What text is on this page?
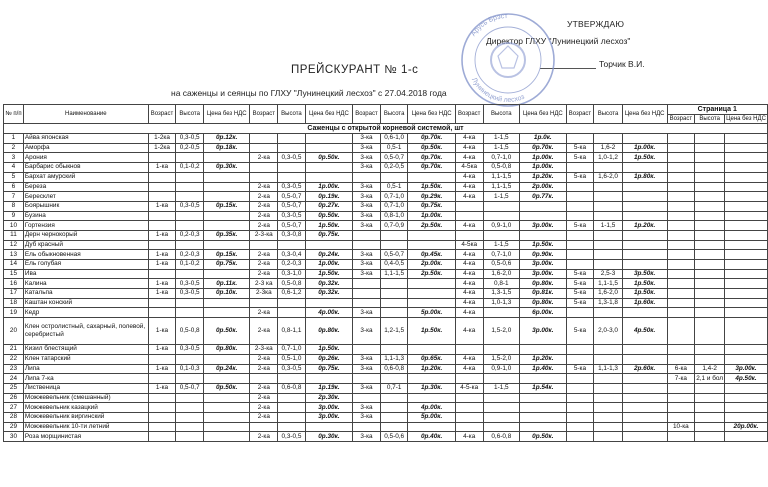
УТВЕРЖДАЮ
Директор ГЛХУ "Лунинецкий лесхоз"
Торчик В.И.
Арусь Брэст
Лунинецкий лесхоз
ПРЕЙСКУРАНТ № 1-с
на саженцы и сеянцы по ГЛХУ "Лунинецкий лесхоз" с 27.04.2018 года
№ п/п	Наименование	Возраст	Высота	Цена без НДС	Возраст	Высота	Цена без НДС	Возраст	Высота	Цена без НДС	Возраст	Высота	Цена без НДС	Возраст	Высота	Цена без НДС	Страница 1		
																	Возраст	Высота	Цена без НДС
Саженцы с открытой корневой системой, шт																			
1	Айва японская	1-2ка	0,3-0,5	0р.12к.				3-ка	0,6-1,0	0р.70к.	4-ка	1-1,5	1р.0к.						
2	Аморфа	1-2ка	0,2-0,5	0р.18к.				3-ка	0,5-1	0р.50к.	4-ка	1-1,5	0р.70к.	5-ка	1,6-2	1р.00к.			
3	Арония				2-ка	0,3-0,5	0р.50к.	3-ка	0,5-0,7	0р.70к.	4-ка	0,7-1,0	1р.00к.	5-ка	1,0-1,2	1р.50к.			
4	Барбарис обыкнов	1-ка	0,1-0,2	0р.30к.				3-ка	0,2-0,5	0р.70к.	4-5ка	0,5-0,8	1р.00к.						
5	Бархат амурский										4-ка	1,1-1,5	1р.20к.	5-ка	1,6-2,0	1р.80к.			
6	Береза				2-ка	0,3-0,5	1р.00к.	3-ка	0,5-1	1р.50к.	4-ка	1,1-1,5	2р.00к.						
7	Бересклет				2-ка	0,5-0,7	0р.19к.	3-ка	0,7-1,0	0р.29к.	4-ка	1-1,5	0р.77к.						
8	Боярышник	1-ка	0,3-0,5	0р.15к.	2-ка	0,5-0,7	0р.27к.	3-ка	0,7-1,0	0р.75к.									
9	Бузина				2-ка	0,3-0,5	0р.50к.	3-ка	0,8-1,0	1р.00к.									
10	Гортензия				2-ка	0,5-0,7	1р.50к.	3-ка	0,7-0,9	2р.50к.	4-ка	0,9-1,0	3р.00к.	5-ка	1-1,5	1р.20к.			
11	Дерн чернокорый	1-ка	0,2-0,3	0р.35к.	2-3-ка	0,3-0,8	0р.75к.												
12	Дуб красный										4-5ка	1-1,5	1р.50к.						
13	Ель обыкновенная	1-ка	0,2-0,3	0р.15к.	2-ка	0,3-0,4	0р.24к.	3-ка	0,5-0,7	0р.45к.	4-ка	0,7-1,0	0р.90к.						
14	Ель голубая	1-ка	0,1-0,2	0р.75к.	2-ка	0,2-0,3	1р.00к.	3-ка	0,4-0,5	2р.00к.	4-ка	0,5-0,6	3р.00к.						
15	Ива				2-ка	0,3-1,0	1р.50к.	3-ка	1,1-1,5	2р.50к.	4-ка	1,6-2,0	3р.00к.	5-ка	2,5-3	3р.50к.			
16	Калина	1-ка	0,3-0,5	0р.11к.	2-3 ка	0,5-0,8	0р.32к.				4-ка	0,8-1	0р.80к.	5-ка	1,1-1,5	1р.50к.			
17	Катальпа	1-ка	0,3-0,5	0р.10к.	2-3ка	0,6-1,2	0р.32к.				4-ка	1,3-1,5	0р.81к.	5-ка	1,6-2,0	1р.50к.			
18	Каштан конский										4-ка	1,0-1,3	0р.80к.	5-ка	1,3-1,8	1р.60к.			
19	Кедр				2-ка		4р.00к.	3-ка		5р.00к.	4-ка		6р.00к.						
20	Клен остролистный, сахарный, полевой, серебристый	1-ка	0,5-0,8	0р.50к.	2-ка	0,8-1,1	0р.80к.	3-ка	1,2-1,5	1р.50к.	4-ка	1,5-2,0	3р.00к.	5-ка	2,0-3,0	4р.50к.			
21	Кизил блестящий	1-ка	0,3-0,5	0р.80к.	2-3-ка	0,7-1,0	1р.50к.												
22	Клен татарский				2-ка	0,5-1,0	0р.26к.	3-ка	1,1-1,3	0р.65к.	4-ка	1,5-2,0	1р.20к.						
23	Липа	1-ка	0,1-0,3	0р.24к.	2-ка	0,3-0,5	0р.75к.	3-ка	0,6-0,8	1р.20к.	4-ка	0,9-1,0	1р.40к.	5-ка	1,1-1,3	2р.60к.	6-ка	1,4-2	3р.00к.
24	Липа 7-ка																7-ка	2,1 и бол	4р.50к.
25	Лиственица	1-ка	0,5-0,7	0р.50к.	2-ка	0,6-0,8	1р.19к.	3-ка	0,7-1	1р.30к.	4-5-ка	1-1,5	1р.54к.						
26	Можжевельник (смешанный)				2-ка		2р.30к.												
27	Можжевельник казацкий				2-ка		3р.00к.	3-ка		4р.00к.									
28	Можжевельник виргинский				2-ка		3р.00к.	3-ка		5р.00к.									
29	Можжевельник 10-ти летний																10-ка		20р.00к.
30	Роза морщинистая				2-ка	0,3-0,5	0р.30к.	3-ка	0,5-0,6	0р.40к.	4-ка	0,6-0,8	0р.50к.						
